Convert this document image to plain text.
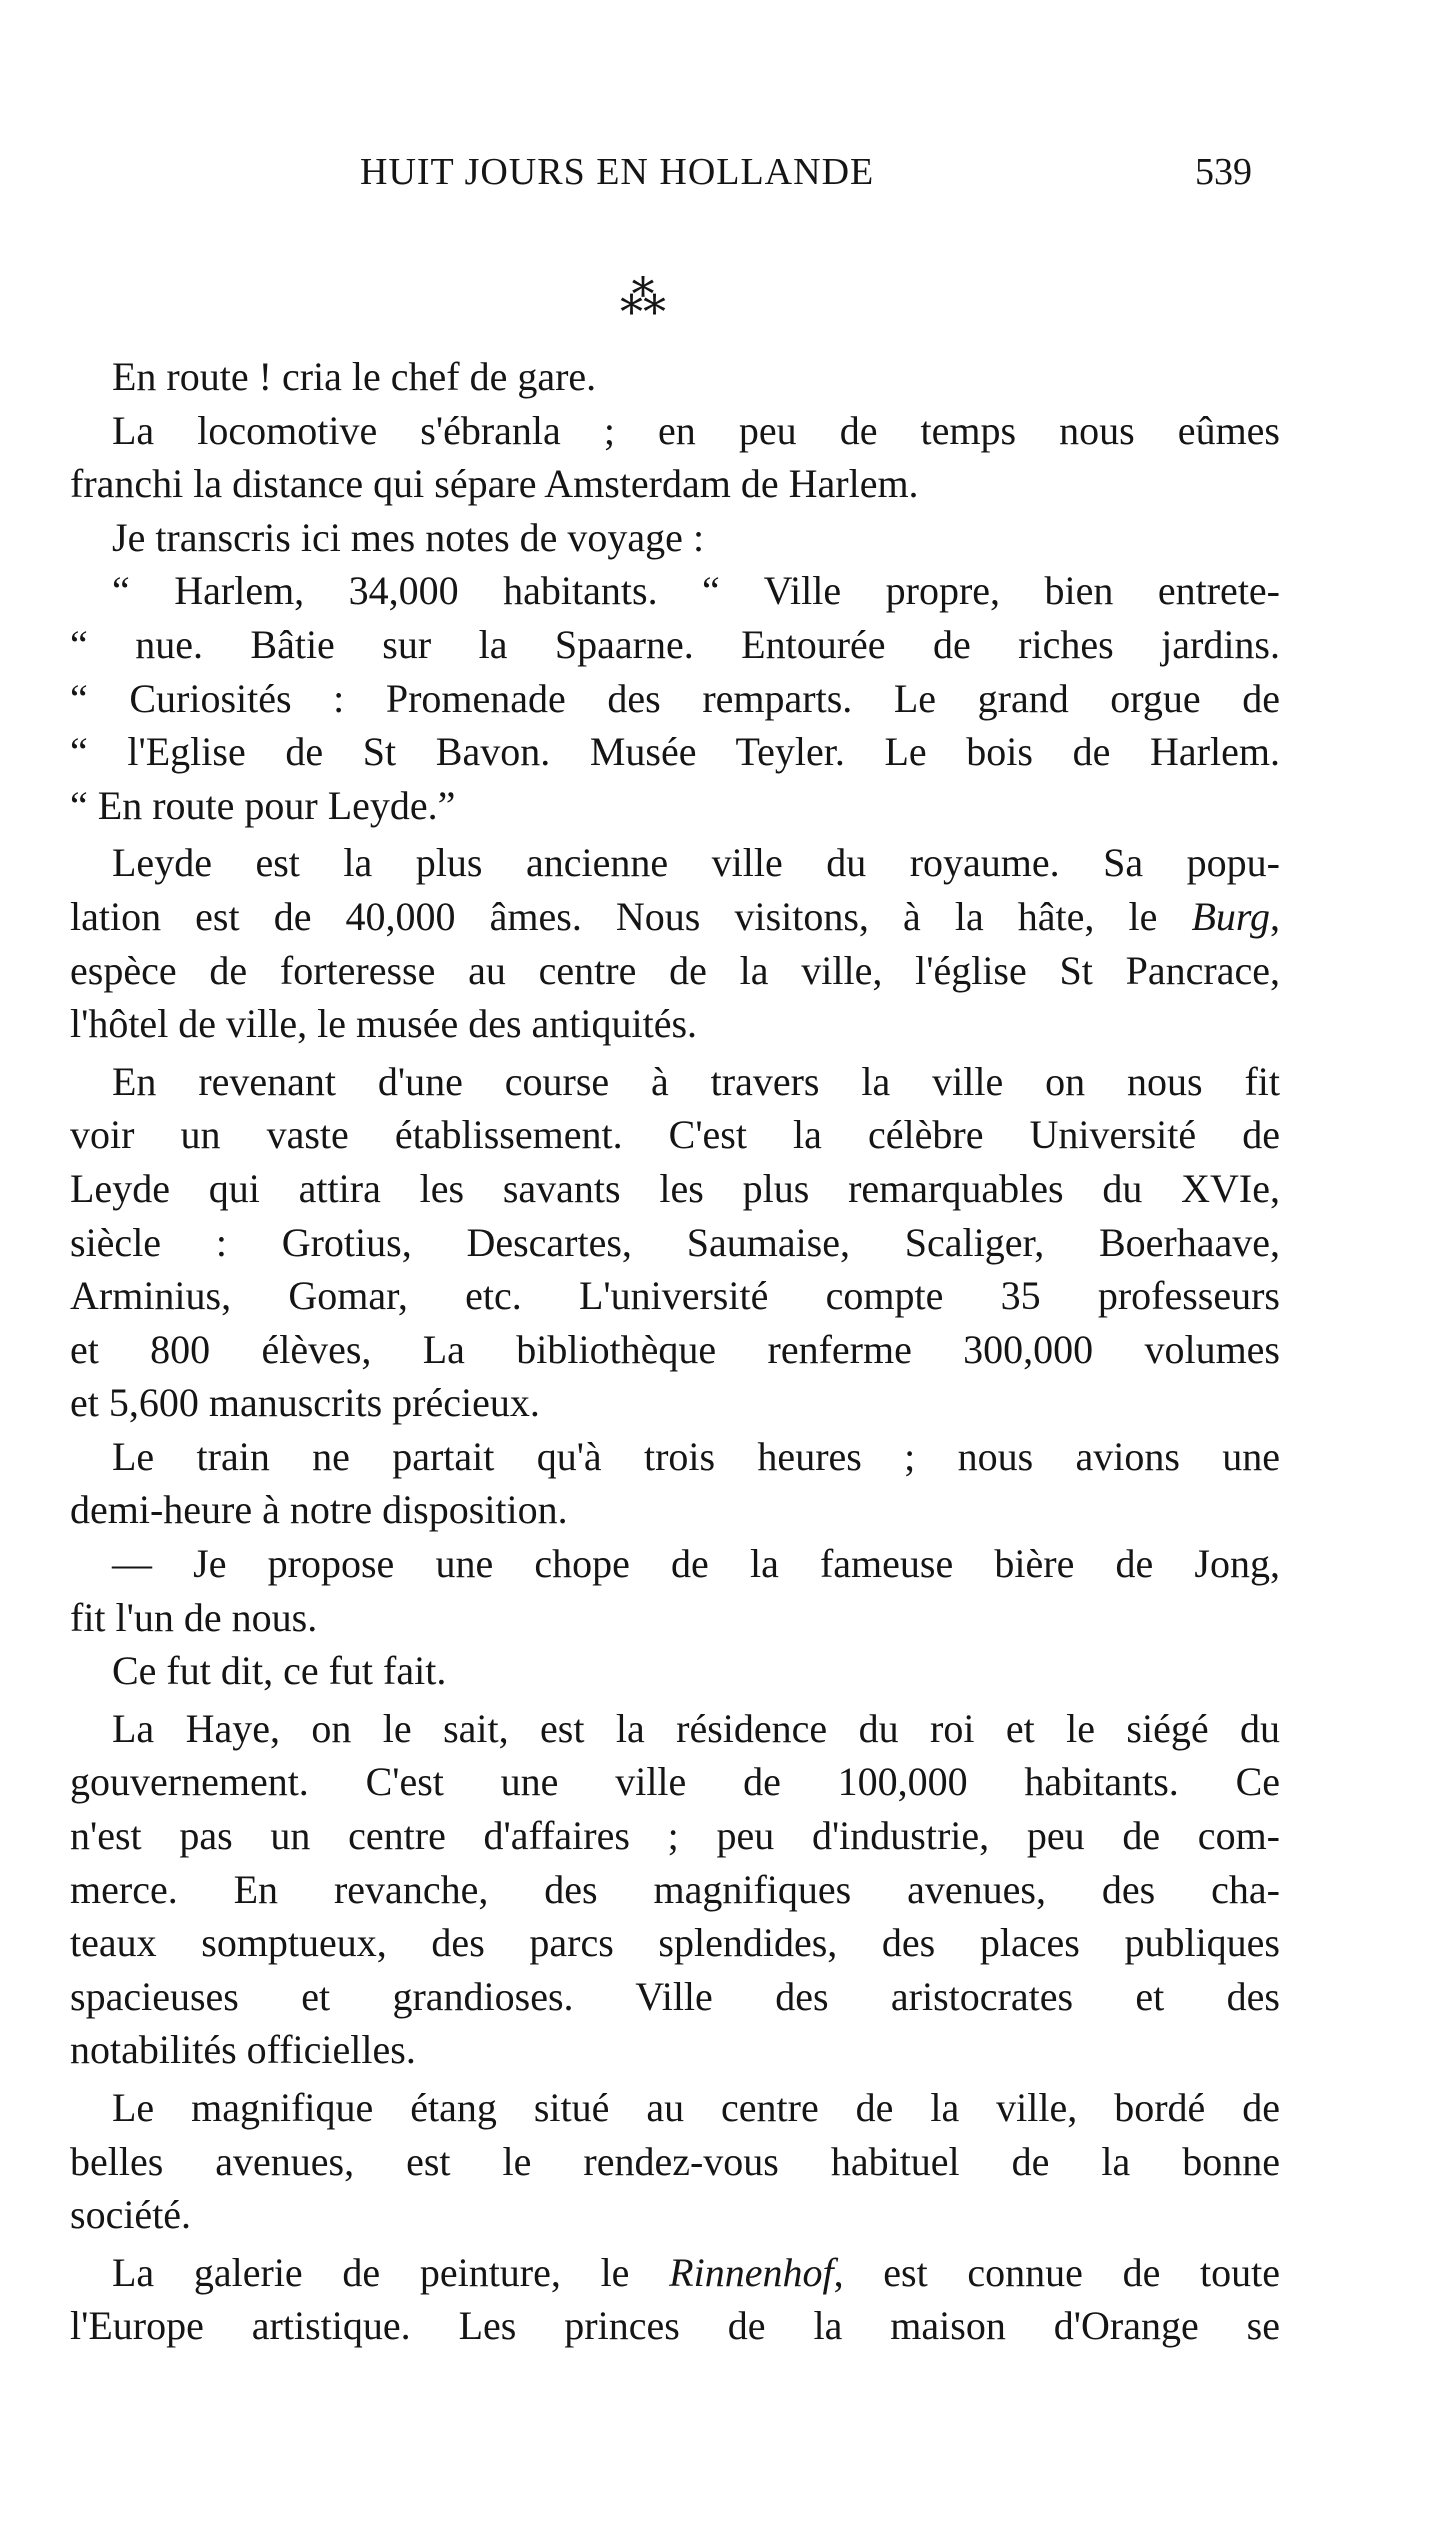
HUIT JOURS EN HOLLANDE	539
⁂
En route ! cria le chef de gare.
La locomotive s'ébranla ; en peu de temps nous eûmes
franchi la distance qui sépare Amsterdam de Harlem.
Je transcris ici mes notes de voyage :
“ Harlem, 34,000 habitants. “ Ville propre, bien entrete-
“ nue. Bâtie sur la Spaarne. Entourée de riches jardins.
“ Curiosités : Promenade des remparts. Le grand orgue de
“ l'Eglise de St Bavon. Musée Teyler. Le bois de Harlem.
“ En route pour Leyde.”
Leyde est la plus ancienne ville du royaume. Sa popu-
lation est de 40,000 âmes. Nous visitons, à la hâte, le Burg,
espèce de forteresse au centre de la ville, l'église St Pancrace,
l'hôtel de ville, le musée des antiquités.
En revenant d'une course à travers la ville on nous fit
voir un vaste établissement. C'est la célèbre Université de
Leyde qui attira les savants les plus remarquables du XVIe,
siècle : Grotius, Descartes, Saumaise, Scaliger, Boerhaave,
Arminius, Gomar, etc. L'université compte 35 professeurs
et 800 élèves, La bibliothèque renferme 300,000 volumes
et 5,600 manuscrits précieux.
Le train ne partait qu'à trois heures ; nous avions une
demi-heure à notre disposition.
— Je propose une chope de la fameuse bière de Jong,
fit l'un de nous.
Ce fut dit, ce fut fait.
La Haye, on le sait, est la résidence du roi et le siégé du
gouvernement. C'est une ville de 100,000 habitants. Ce
n'est pas un centre d'affaires ; peu d'industrie, peu de com-
merce. En revanche, des magnifiques avenues, des cha-
teaux somptueux, des parcs splendides, des places publiques
spacieuses et grandioses. Ville des aristocrates et des
notabilités officielles.
Le magnifique étang situé au centre de la ville, bordé de
belles avenues, est le rendez-vous habituel de la bonne
société.
La galerie de peinture, le Rinnenhof, est connue de toute
l'Europe artistique. Les princes de la maison d'Orange se
